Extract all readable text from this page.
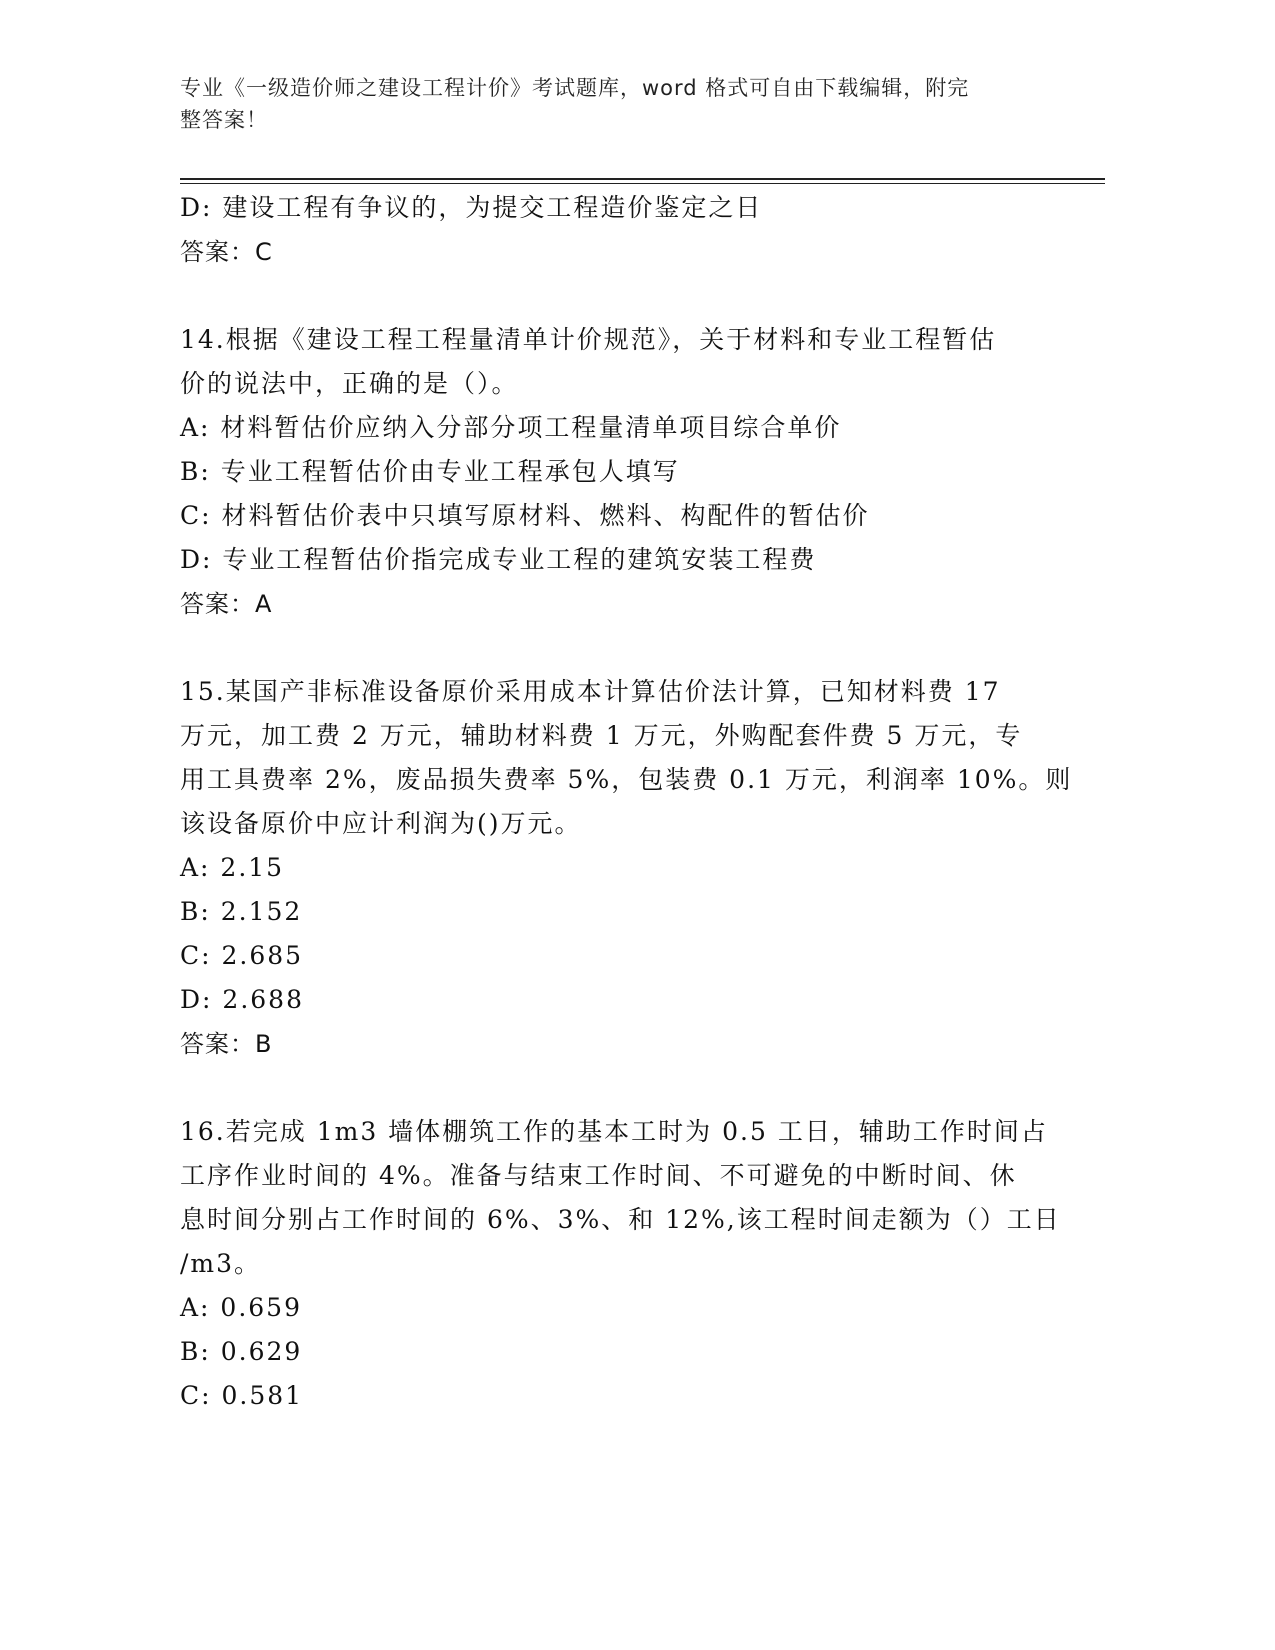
专业《一级造价师之建设工程计价》考试题库，word 格式可自由下载编辑，附完
整答案！
D: 建设工程有争议的，为提交工程造价鉴定之日
答案：C
14.根据《建设工程工程量清单计价规范》，关于材料和专业工程暂估
价的说法中，正确的是（）。
A: 材料暂估价应纳入分部分项工程量清单项目综合单价
B: 专业工程暂估价由专业工程承包人填写
C: 材料暂估价表中只填写原材料、燃料、构配件的暂估价
D: 专业工程暂估价指完成专业工程的建筑安装工程费
答案：A
15.某国产非标准设备原价采用成本计算估价法计算，已知材料费 17
万元，加工费 2 万元，辅助材料费 1 万元，外购配套件费 5 万元，专
用工具费率 2%，废品损失费率 5%，包装费 0.1 万元，利润率 10%。则
该设备原价中应计利润为()万元。
A: 2.15
B: 2.152
C: 2.685
D: 2.688
答案：B
16.若完成 1m3 墙体棚筑工作的基本工时为 0.5 工日，辅助工作时间占
工序作业时间的 4%。准备与结束工作时间、不可避免的中断时间、休
息时间分别占工作时间的 6%、3%、和 12%,该工程时间走额为（）工日
/m3。
A: 0.659
B: 0.629
C: 0.581
